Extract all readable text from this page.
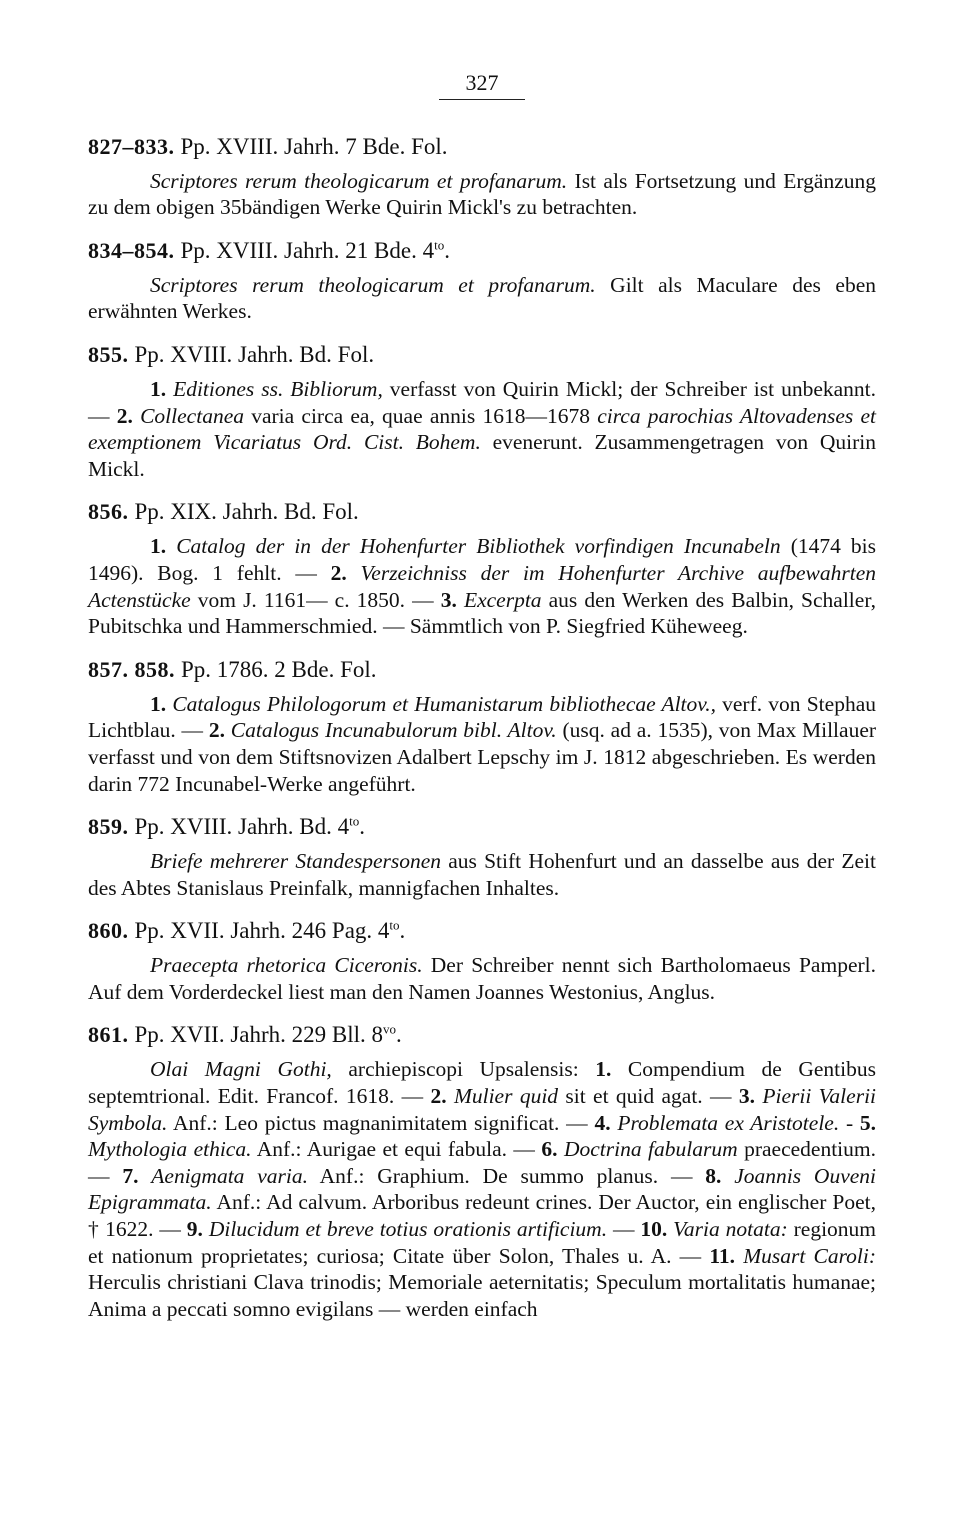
327
827–833. Pp. XVIII. Jahrh. 7 Bde. Fol.

Scriptores rerum theologicarum et profanarum. Ist als Fortsetzung und Ergänzung zu dem obigen 35bändigen Werke Quirin Mickl's zu betrachten.

834–854. Pp. XVIII. Jahrh. 21 Bde. $4^{to}$.

Scriptores rerum theologicarum et profanarum. Gilt als Maculare des eben erwähnten Werkes.

855. Pp. XVIII. Jahrh. Bd. Fol.

1. Editiones ss. Bibliorum, verfasst von Quirin Mickl; der Schreiber ist unbekannt. — 2. Collectanea varia circa ea, quae annis 1618—1678 circa parochias Altovadenses et exemptionem Vicariatus Ord. Cist. Bohem. evenerunt. Zusammengetragen von Quirin Mickl.

856. Pp. XIX. Jahrh. Bd. Fol.

1. Catalog der in der Hohenfurter Bibliothek vorfindigen Incunabeln (1474 bis 1496). Bog. 1 fehlt. — 2. Verzeichniss der im Hohenfurter Archive aufbewahrten Actenstücke vom J. 1161— c. 1850. — 3. Excerpta aus den Werken des Balbin, Schaller, Pubitschka und Hammerschmied. — Sämmtlich von P. Siegfried Küheweeg.

857. 858. Pp. 1786. 2 Bde. Fol.

1. Catalogus Philologorum et Humanistarum bibliothecae Altov., verf. von Stephau Lichtblau. — 2. Catalogus Incunabulorum bibl. Altov. (usq. ad a. 1535), von Max Millauer verfasst und von dem Stiftsnovizen Adalbert Lepschy im J. 1812 abgeschrieben. Es werden darin 772 Incunabel-Werke angeführt.

859. Pp. XVIII. Jahrh. Bd. $4^{to}$.

Briefe mehrerer Standespersonen aus Stift Hohenfurt und an dasselbe aus der Zeit des Abtes Stanislaus Preinfalk, mannigfachen Inhaltes.

860. Pp. XVII. Jahrh. 246 Pag. $4^{to}$.

Praecepta rhetorica Ciceronis. Der Schreiber nennt sich Bartholomaeus Pamperl. Auf dem Vorderdeckel liest man den Namen Joannes Westonius, Anglus.

861. Pp. XVII. Jahrh. 229 Bll. $8^{vo}$.

Olai Magni Gothi, archiepiscopi Upsalensis: 1. Compendium de Gentibus septemtrional. Edit. Francof. 1618. — 2. Mulier quid sit et quid agat. — 3. Pierii Valerii Symbola. Anf.: Leo pictus magnanimitatem significat. — 4. Problemata ex Aristotele. - 5. Mythologia ethica. Anf.: Aurigae et equi fabula. — 6. Doctrina fabularum praecedentium. — 7. Aenigmata varia. Anf.: Graphium. De summo planus. — 8. Joannis Ouveni Epigrammata. Anf.: Ad calvum. Arboribus redeunt crines. Der Auctor, ein englischer Poet, † 1622. — 9. Dilucidum et breve totius orationis artificium. — 10. Varia notata: regionum et nationum proprietates; curiosa; Citate über Solon, Thales u. A. — 11. Musart Caroli: Herculis christiani Clava trinodis; Memoriale aeternitatis; Speculum mortalitatis humanae; Anima a peccati somno evigilans — werden einfach
